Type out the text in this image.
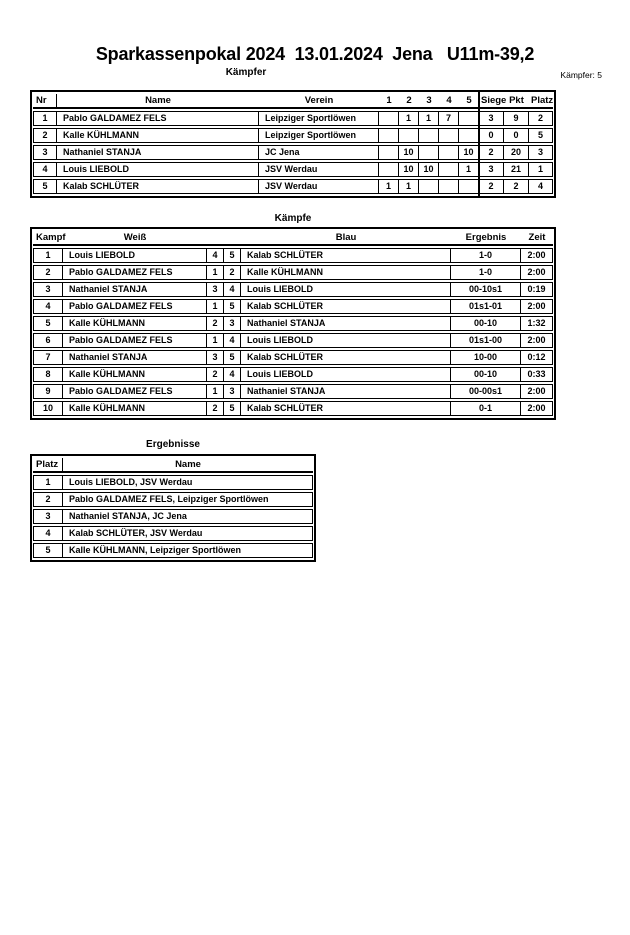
Sparkassenpokal 2024  13.01.2024  Jena   U11m-39,2
Kämpfer	Kämpfer: 5
Nr	Name	Verein	1	2	3	4	5	Siege	Pkt	Platz
1	Pablo GALDAMEZ FELS	Leipziger Sportlöwen		1	1	7		3	9	2
2	Kalle KÜHLMANN	Leipziger Sportlöwen						0	0	5
3	Nathaniel STANJA	JC Jena		10			10	2	20	3
4	Louis LIEBOLD	JSV Werdau		10	10		1	3	21	1
5	Kalab SCHLÜTER	JSV Werdau	1	1				2	2	4
Kämpfe
Kampf	Weiß			Blau	Ergebnis	Zeit
1	Louis LIEBOLD	4	5	Kalab SCHLÜTER	1-0	2:00
2	Pablo GALDAMEZ FELS	1	2	Kalle KÜHLMANN	1-0	2:00
3	Nathaniel STANJA	3	4	Louis LIEBOLD	00-10s1	0:19
4	Pablo GALDAMEZ FELS	1	5	Kalab SCHLÜTER	01s1-01	2:00
5	Kalle KÜHLMANN	2	3	Nathaniel STANJA	00-10	1:32
6	Pablo GALDAMEZ FELS	1	4	Louis LIEBOLD	01s1-00	2:00
7	Nathaniel STANJA	3	5	Kalab SCHLÜTER	10-00	0:12
8	Kalle KÜHLMANN	2	4	Louis LIEBOLD	00-10	0:33
9	Pablo GALDAMEZ FELS	1	3	Nathaniel STANJA	00-00s1	2:00
10	Kalle KÜHLMANN	2	5	Kalab SCHLÜTER	0-1	2:00
Ergebnisse
Platz	Name
1	Louis LIEBOLD, JSV Werdau
2	Pablo GALDAMEZ FELS, Leipziger Sportlöwen
3	Nathaniel STANJA, JC Jena
4	Kalab SCHLÜTER, JSV Werdau
5	Kalle KÜHLMANN, Leipziger Sportlöwen
